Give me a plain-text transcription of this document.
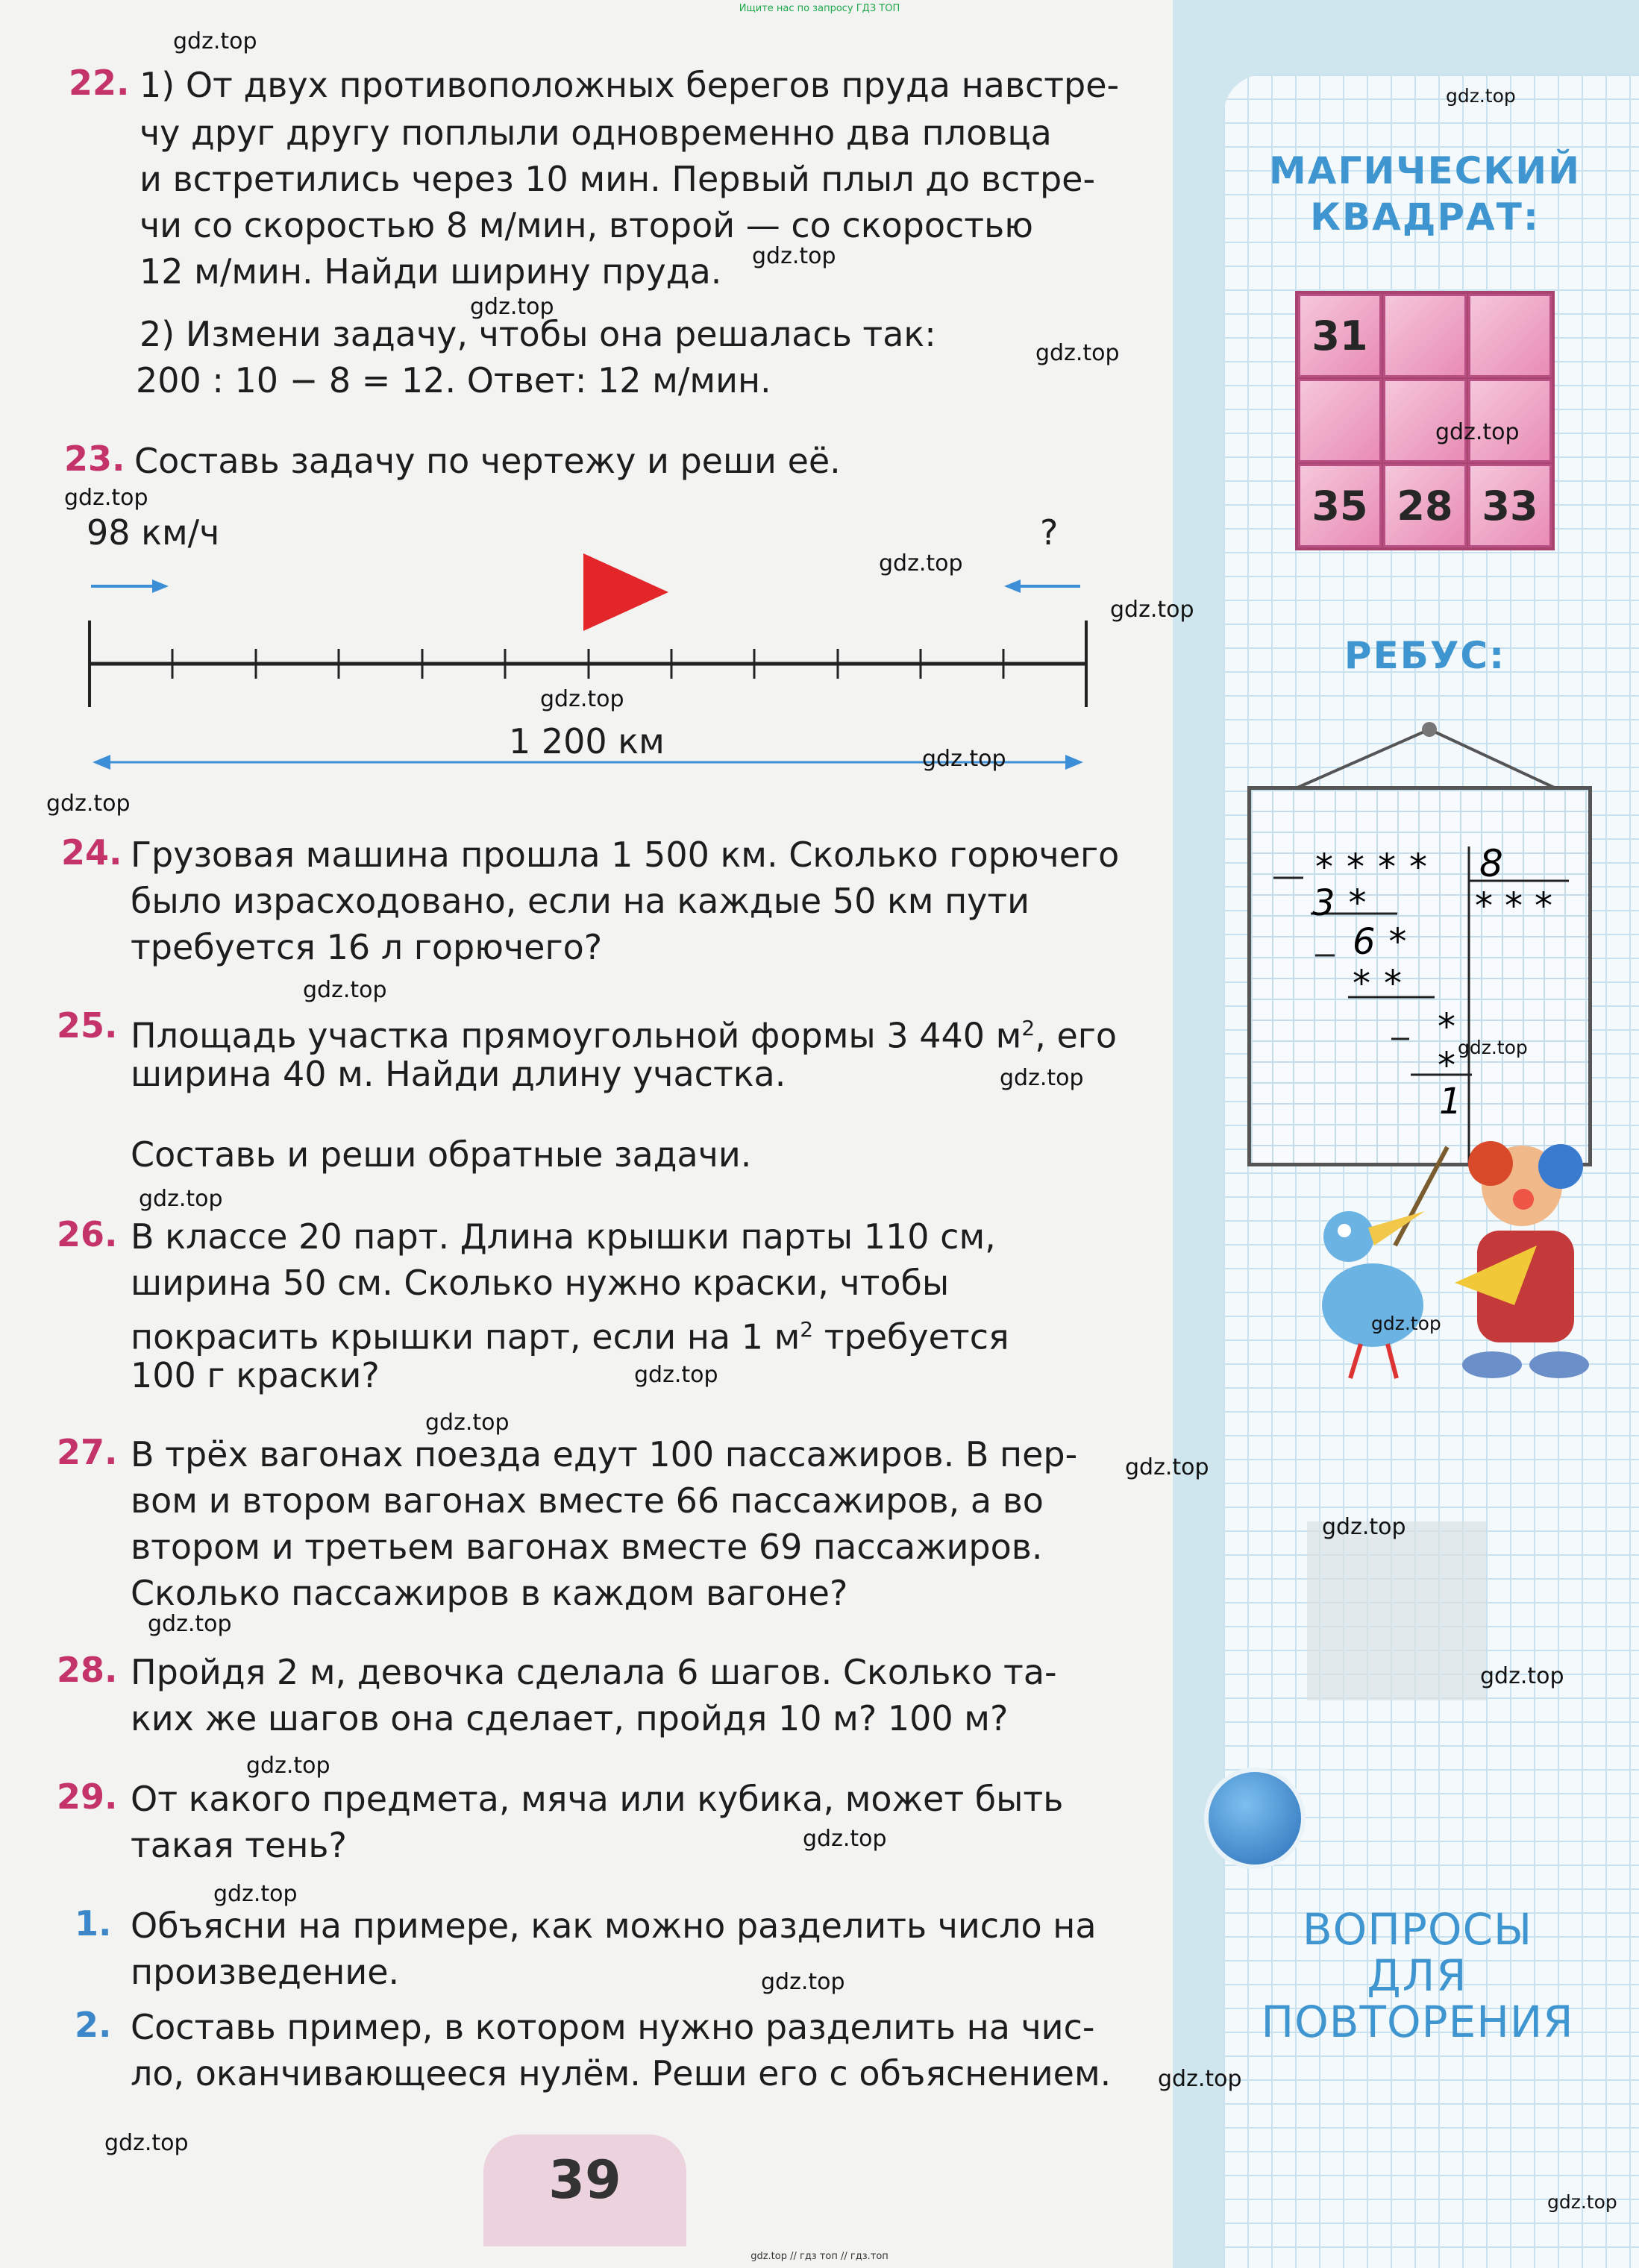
Ищите нас по запросу ГДЗ ТОП
22. 1) От двух противоположных берегов пруда навстре-
чу друг другу поплыли одновременно два пловца
и встретились через 10 мин. Первый плыл до встре-
чи со скоростью 8 м/мин, второй — со скоростью
12 м/мин. Найди ширину пруда.
2) Измени задачу, чтобы она решалась так:
200 : 10 − 8 = 12. Ответ: 12 м/мин.
23. Составь задачу по чертежу и реши её.
98 км/ч	?
1 200 км
24. Грузовая машина прошла 1 500 км. Сколько горючего
было израсходовано, если на каждые 50 км пути
требуется 16 л горючего?
25. Площадь участка прямоугольной формы 3 440 $м^2$, его
ширина 40 м. Найди длину участка.
Составь и реши обратные задачи.
26. В классе 20 парт. Длина крышки парты 110 см,
ширина 50 см. Сколько нужно краски, чтобы
покрасить крышки парт, если на 1 $м^2$ требуется
100 г краски?
27. В трёх вагонах поезда едут 100 пассажиров. В пер-
вом и втором вагонах вместе 66 пассажиров, а во
втором и третьем вагонах вместе 69 пассажиров.
Сколько пассажиров в каждом вагоне?
28. Пройдя 2 м, девочка сделала 6 шагов. Сколько та-
ких же шагов она сделает, пройдя 10 м? 100 м?
29. От какого предмета, мяча или кубика, может быть
такая тень?
1. Объясни на примере, как можно разделить число на
произведение.
2. Составь пример, в котором нужно разделить на чис-
ло, оканчивающееся нулём. Реши его с объяснением.
39
МАГИЧЕСКИЙ
КВАДРАТ:
31
35 28 33
РЕБУС:
**** 8
***
3*
6*
**
*
*
1
ВОПРОСЫ
ДЛЯ
ПОВТОРЕНИЯ
gdz.top
gdz.top
gdz.top
gdz.top
gdz.top
gdz.top
gdz.top
gdz.top
gdz.top
gdz.top
gdz.top
gdz.top
gdz.top
gdz.top
gdz.top
gdz.top
gdz.top
gdz.top
gdz.top
gdz.top
gdz.top
gdz.top
gdz.top
gdz.top
gdz.top
gdz.top
gdz.top
gdz.top
gdz.top
gdz.top
gdz.top // гдз топ // гдз.топ
